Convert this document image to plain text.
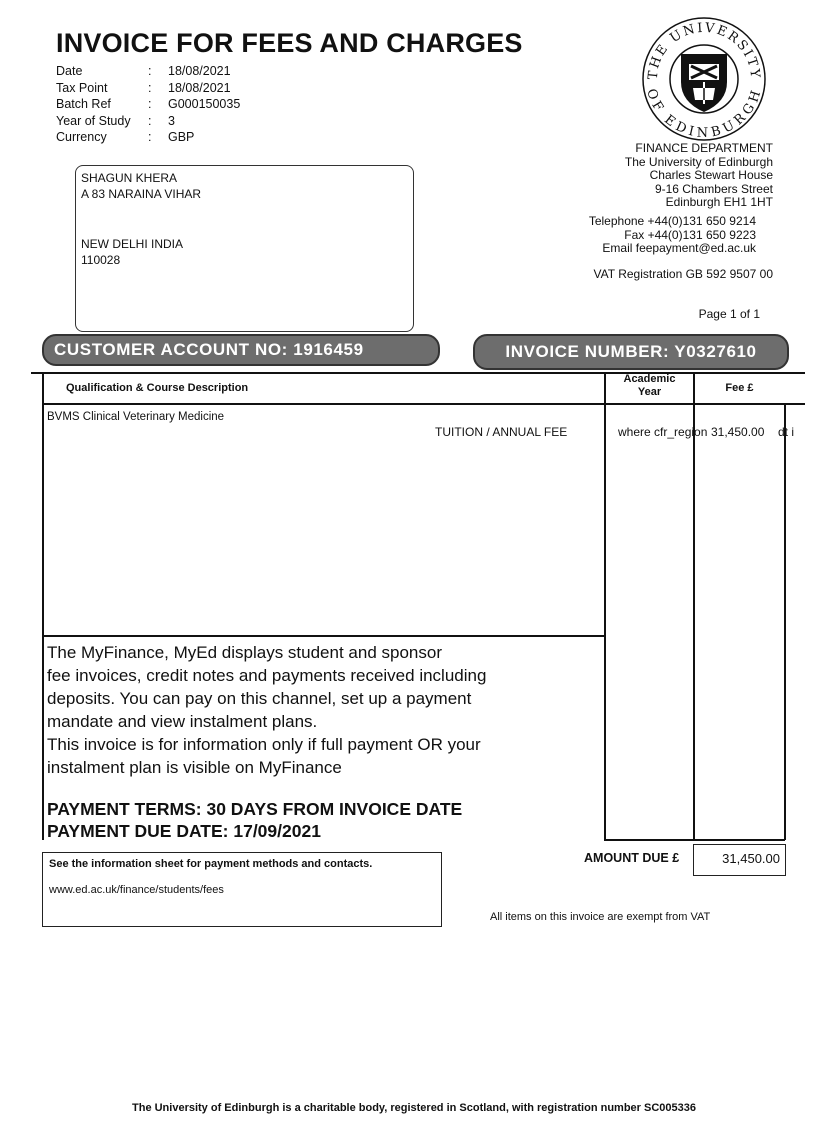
INVOICE FOR FEES AND CHARGES
Date	:	18/08/2021
Tax Point	:	18/08/2021
Batch Ref	:	G000150035
Year of Study	:	3
Currency	:	GBP
SHAGUN KHERA
A 83 NARAINA VIHAR
NEW DELHI INDIA
110028
THE UNIVERSITY
OF EDINBURGH
FINANCE DEPARTMENT
The University of Edinburgh
Charles Stewart House
9-16 Chambers Street
Edinburgh EH1 1HT
Telephone +44(0)131 650 9214
Fax +44(0)131 650 9223
Email feepayment@ed.ac.uk
VAT Registration GB 592 9507 00
Page 1 of 1
CUSTOMER ACCOUNT NO: 1916459	INVOICE NUMBER: Y0327610
Qualification & Course Description
Academic
Year	Fee £
BVMS Clinical Veterinary Medicine
TUITION / ANNUAL FEE	where cfr_region 31,450.00 dt i
The MyFinance, MyEd displays student and sponsor
fee invoices, credit notes and payments received including
deposits. You can pay on this channel, set up a payment
mandate and view instalment plans.
This invoice is for information only if full payment OR your
instalment plan is visible on MyFinance
PAYMENT TERMS: 30 DAYS FROM INVOICE DATE
PAYMENT DUE DATE: 17/09/2021
See the information sheet for payment methods and contacts.
www.ed.ac.uk/finance/students/fees
AMOUNT DUE £	31,450.00
All items on this invoice are exempt from VAT
The University of Edinburgh is a charitable body, registered in Scotland, with registration number SC005336
